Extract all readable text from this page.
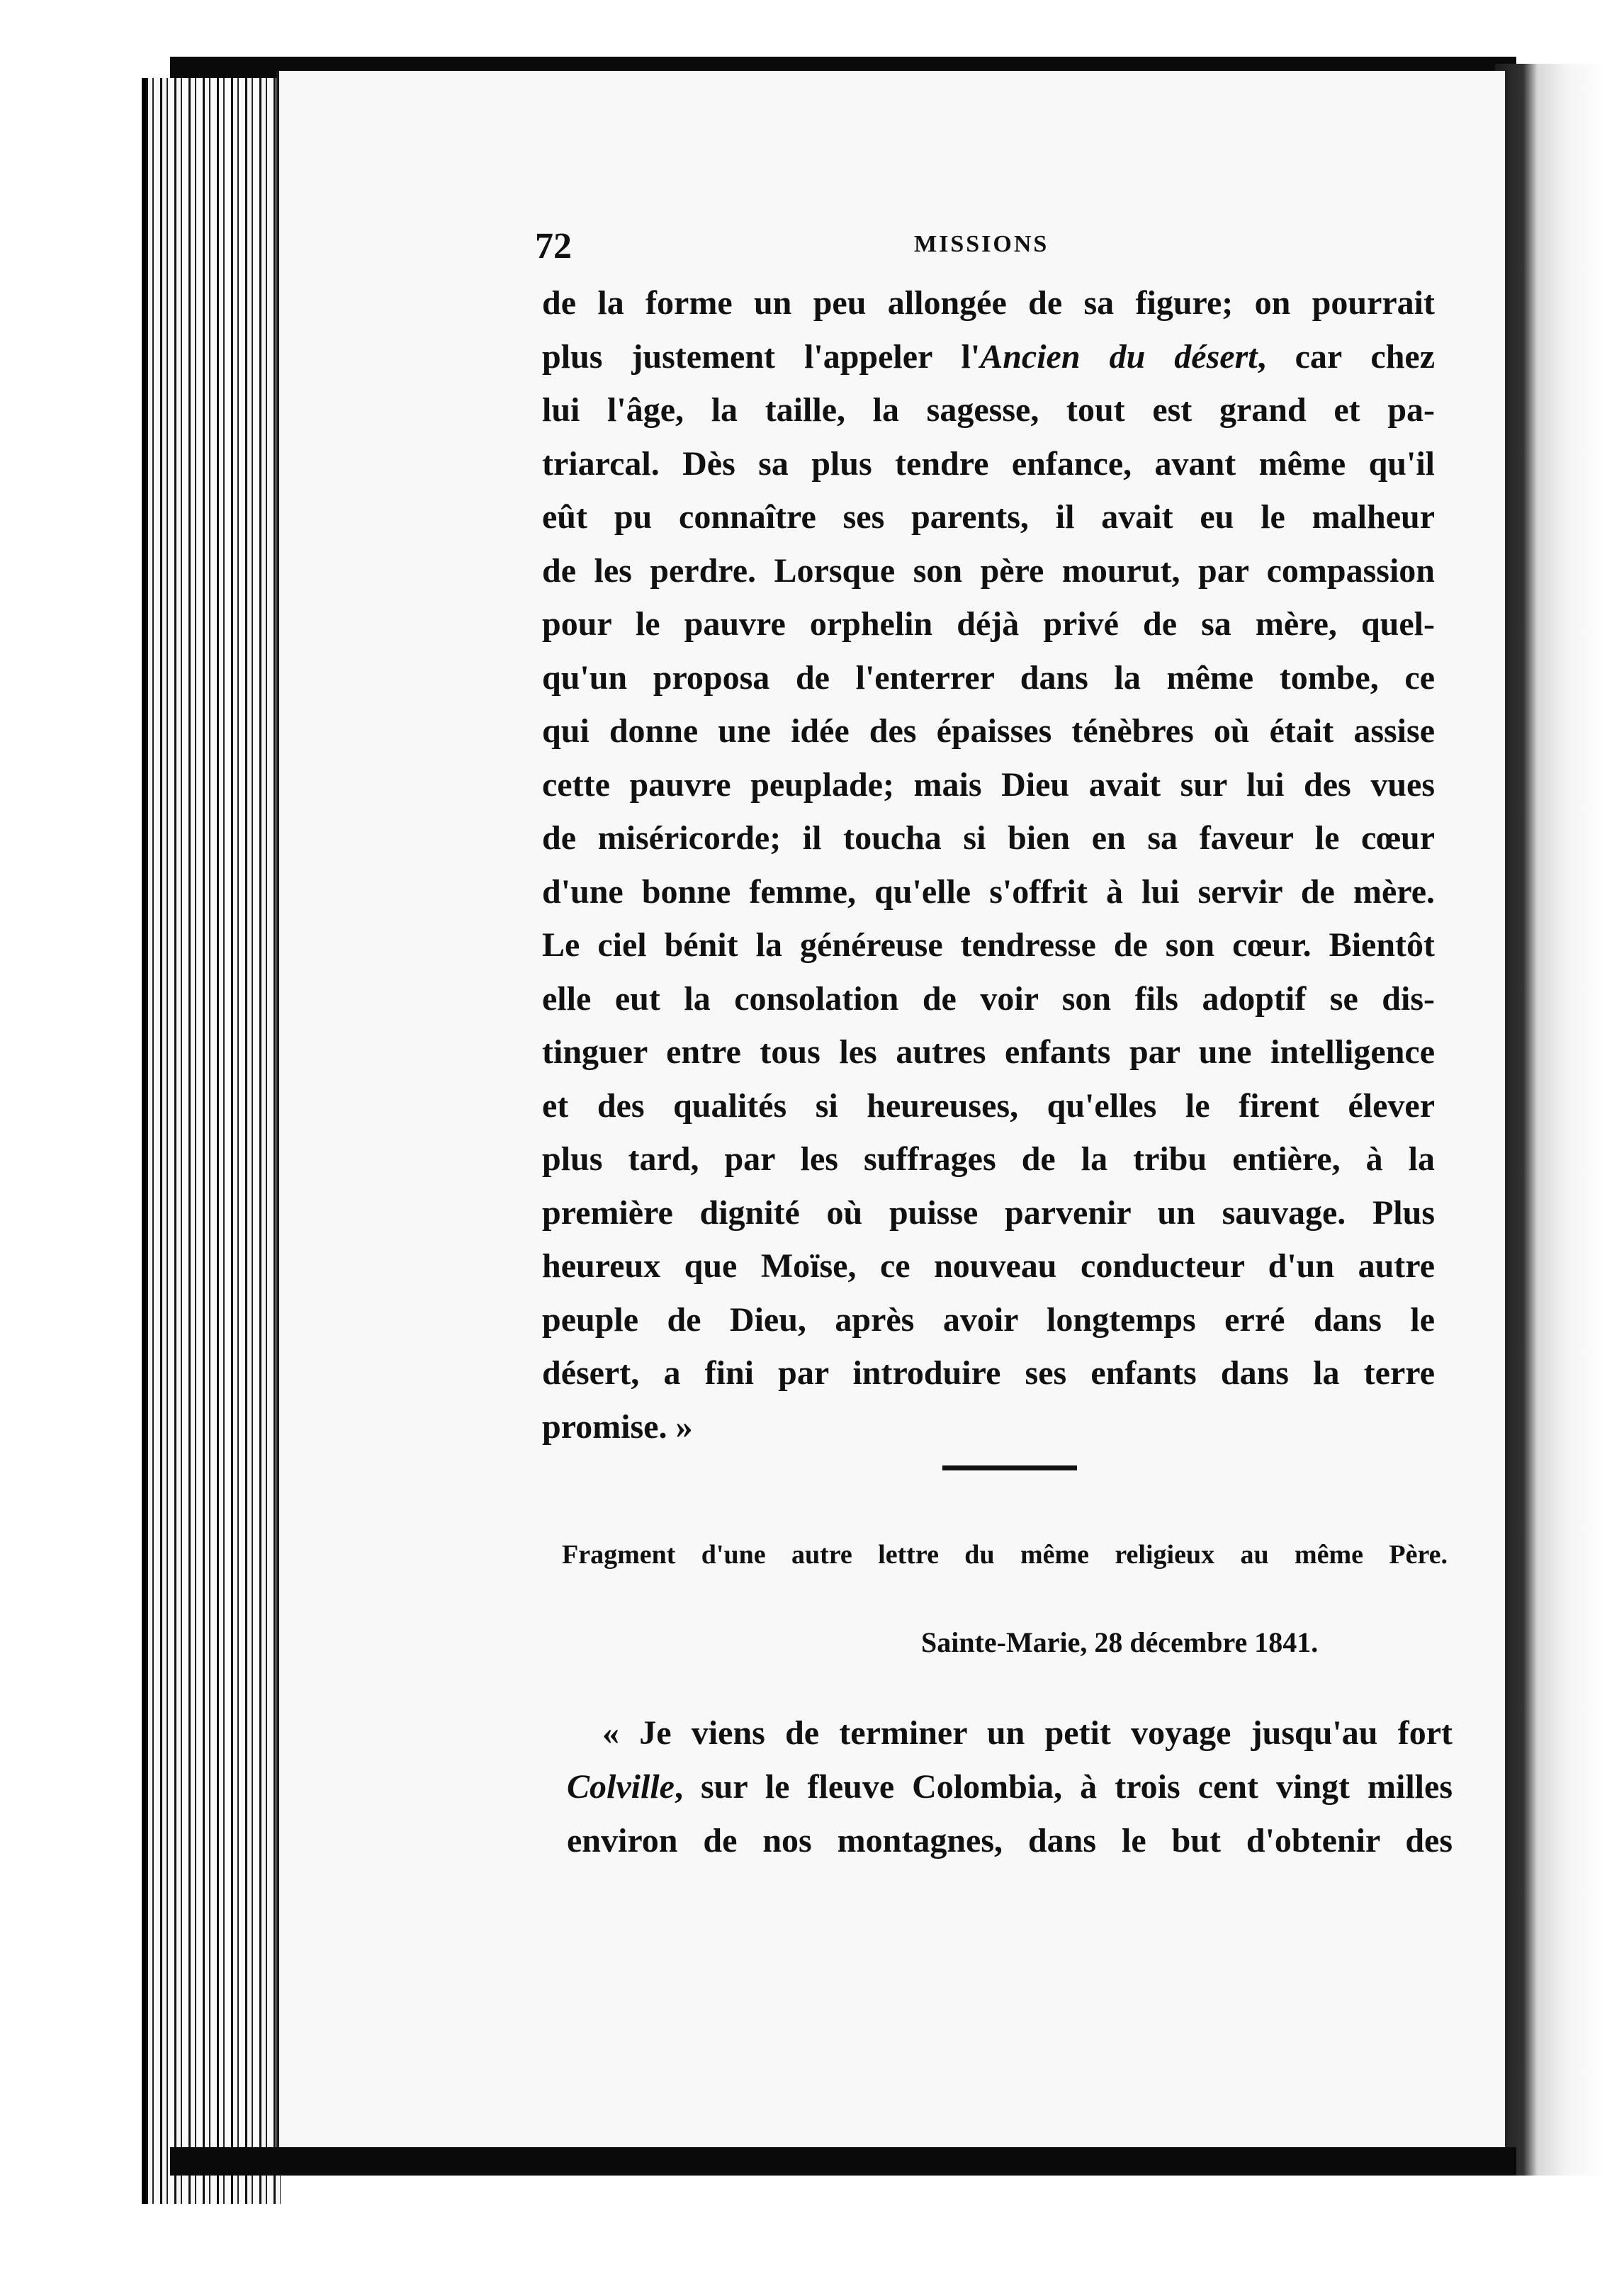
72	MISSIONS
de la forme un peu allongée de sa figure; on pourrait
plus justement l'appeler l'Ancien du désert, car chez
lui l'âge, la taille, la sagesse, tout est grand et pa-
triarcal. Dès sa plus tendre enfance, avant même qu'il
eût pu connaître ses parents, il avait eu le malheur
de les perdre. Lorsque son père mourut, par compassion
pour le pauvre orphelin déjà privé de sa mère, quel-
qu'un proposa de l'enterrer dans la même tombe, ce
qui donne une idée des épaisses ténèbres où était assise
cette pauvre peuplade; mais Dieu avait sur lui des vues
de miséricorde; il toucha si bien en sa faveur le cœur
d'une bonne femme, qu'elle s'offrit à lui servir de mère.
Le ciel bénit la généreuse tendresse de son cœur. Bientôt
elle eut la consolation de voir son fils adoptif se dis-
tinguer entre tous les autres enfants par une intelligence
et des qualités si heureuses, qu'elles le firent élever
plus tard, par les suffrages de la tribu entière, à la
première dignité où puisse parvenir un sauvage. Plus
heureux que Moïse, ce nouveau conducteur d'un autre
peuple de Dieu, après avoir longtemps erré dans le
désert, a fini par introduire ses enfants dans la terre
promise. »
Fragment d'une autre lettre du même religieux au même Père.
Sainte-Marie, 28 décembre 1841.
« Je viens de terminer un petit voyage jusqu'au fort
Colville, sur le fleuve Colombia, à trois cent vingt milles
environ de nos montagnes, dans le but d'obtenir des
